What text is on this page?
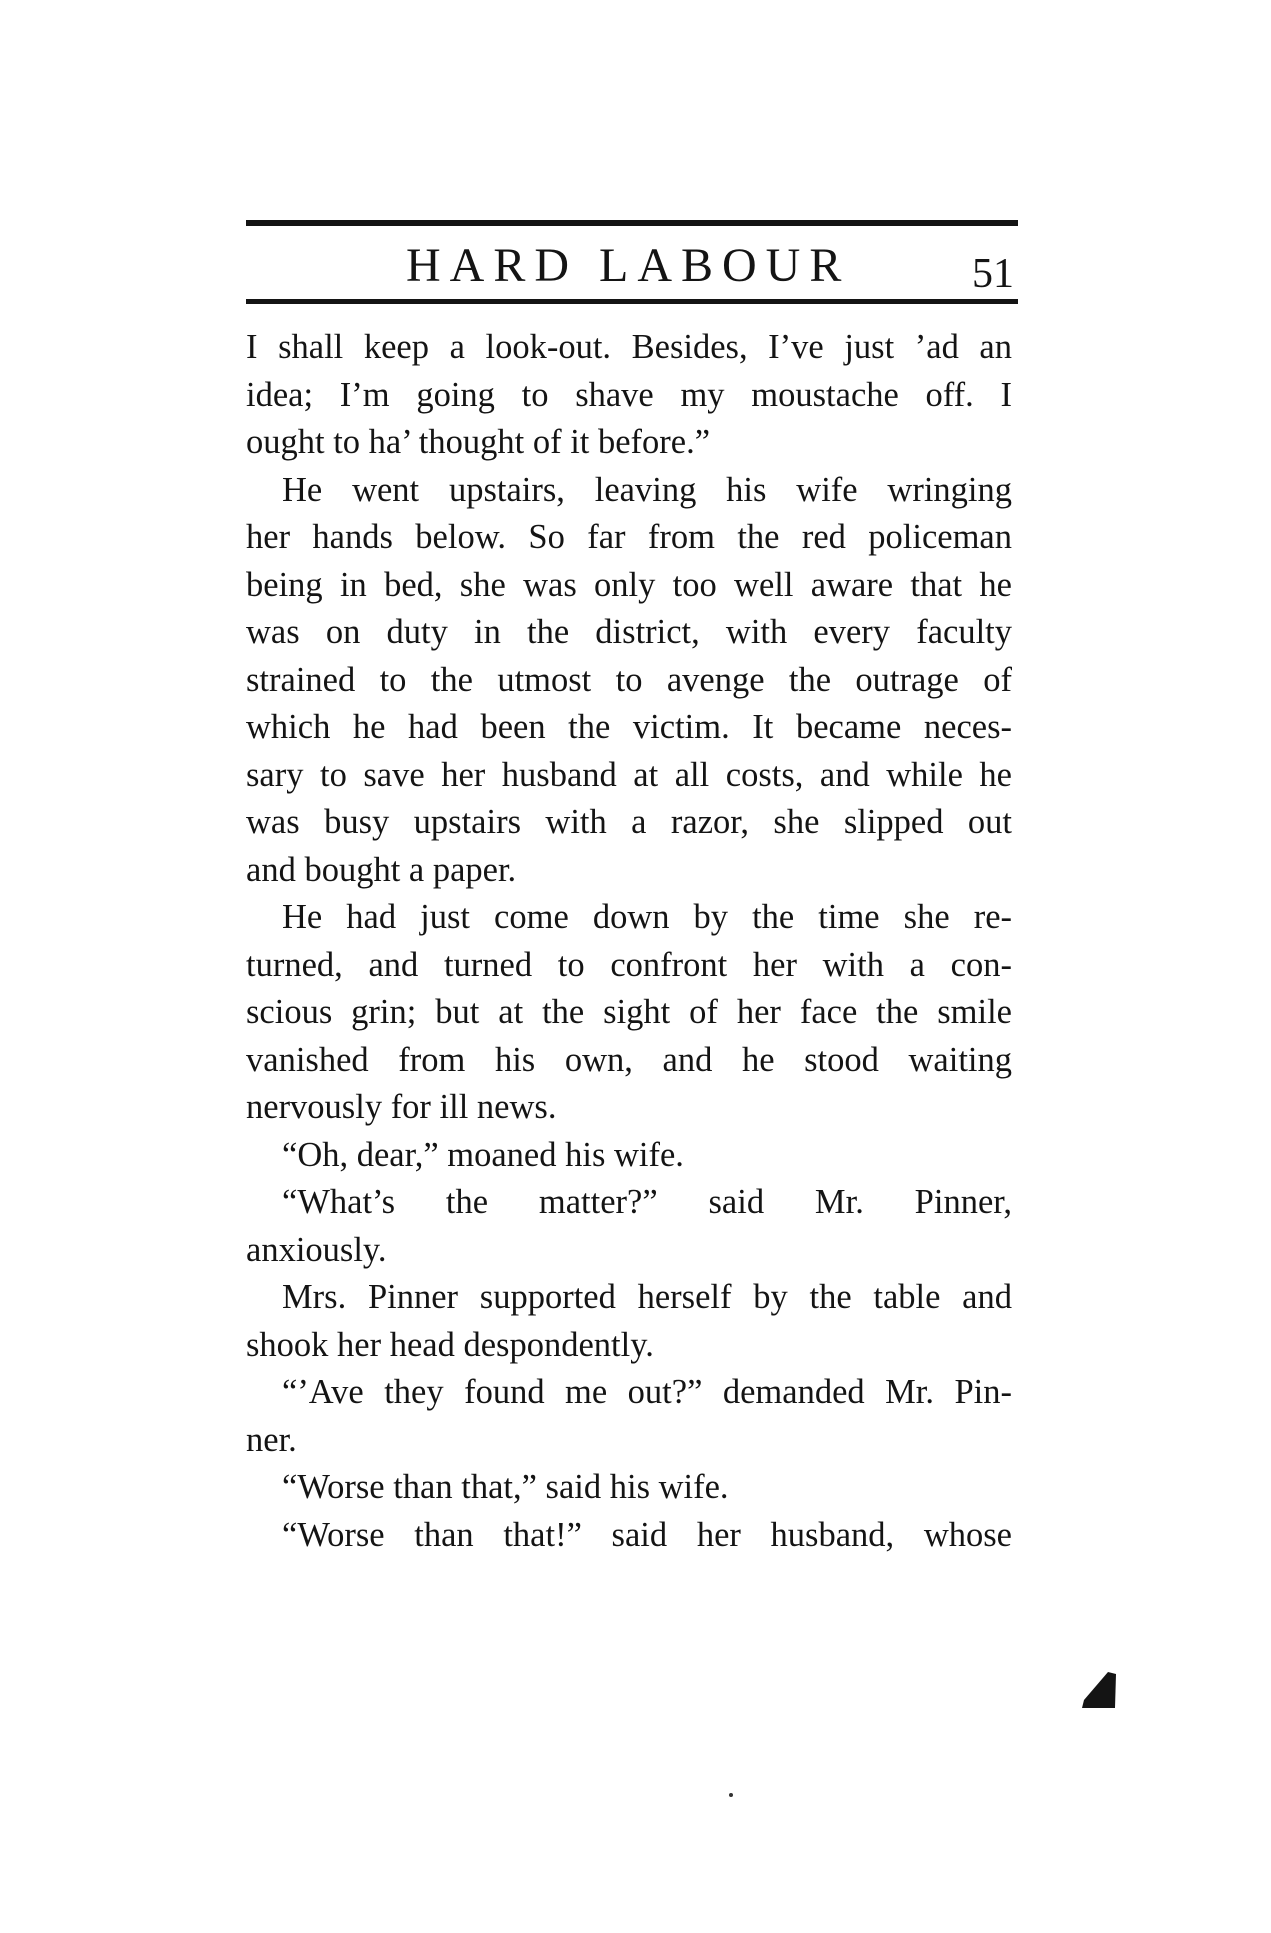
HARD LABOUR	51

I shall keep a look-out. Besides, I’ve just ’ad an
idea; I’m going to shave my moustache off. I
ought to ha’ thought of it before.”

He went upstairs, leaving his wife wringing
her hands below. So far from the red policeman
being in bed, she was only too well aware that he
was on duty in the district, with every faculty
strained to the utmost to avenge the outrage of
which he had been the victim. It became neces-
sary to save her husband at all costs, and while he
was busy upstairs with a razor, she slipped out
and bought a paper.

He had just come down by the time she re-
turned, and turned to confront her with a con-
scious grin; but at the sight of her face the smile
vanished from his own, and he stood waiting
nervously for ill news.

“Oh, dear,” moaned his wife.

“What’s the matter?” said Mr. Pinner,
anxiously.

Mrs. Pinner supported herself by the table and
shook her head despondently.

“’Ave they found me out?” demanded Mr. Pin-
ner.

“Worse than that,” said his wife.

“Worse than that!” said her husband, whose
